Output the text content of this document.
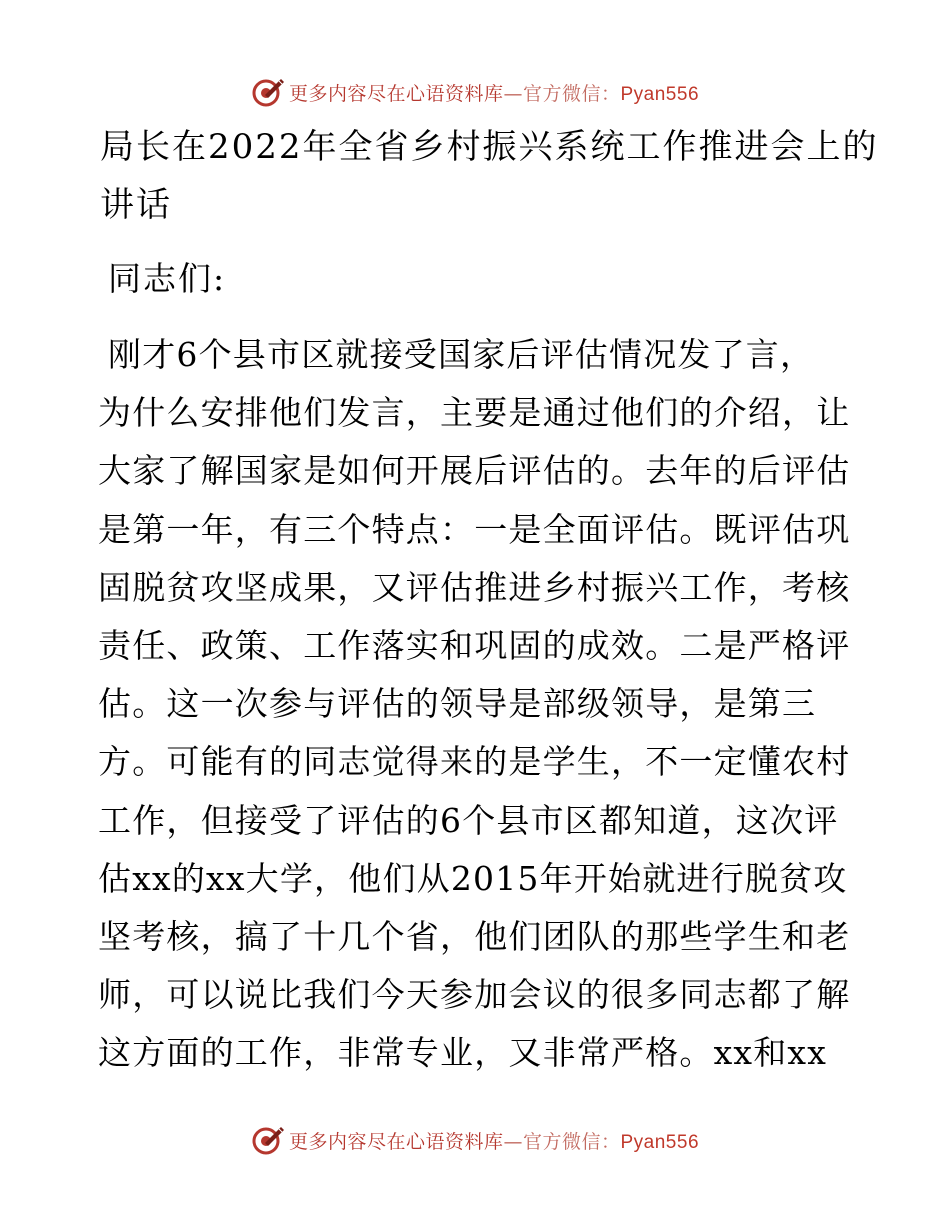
更多内容尽在心语资料库—官方微信：Pyan556
局长在2022年全省乡村振兴系统工作推进会上的
讲话

同志们:

刚才6个县市区就接受国家后评估情况发了言，
为什么安排他们发言，主要是通过他们的介绍，让
大家了解国家是如何开展后评估的。去年的后评估
是第一年，有三个特点：一是全面评估。既评估巩
固脱贫攻坚成果，又评估推进乡村振兴工作，考核
责任、政策、工作落实和巩固的成效。二是严格评
估。这一次参与评估的领导是部级领导，是第三
方。可能有的同志觉得来的是学生，不一定懂农村
工作，但接受了评估的6个县市区都知道，这次评
估xx的xx大学，他们从2015年开始就进行脱贫攻
坚考核，搞了十几个省，他们团队的那些学生和老
师，可以说比我们今天参加会议的很多同志都了解
这方面的工作，非常专业，又非常严格。xx和xx

更多内容尽在心语资料库—官方微信：Pyan556
